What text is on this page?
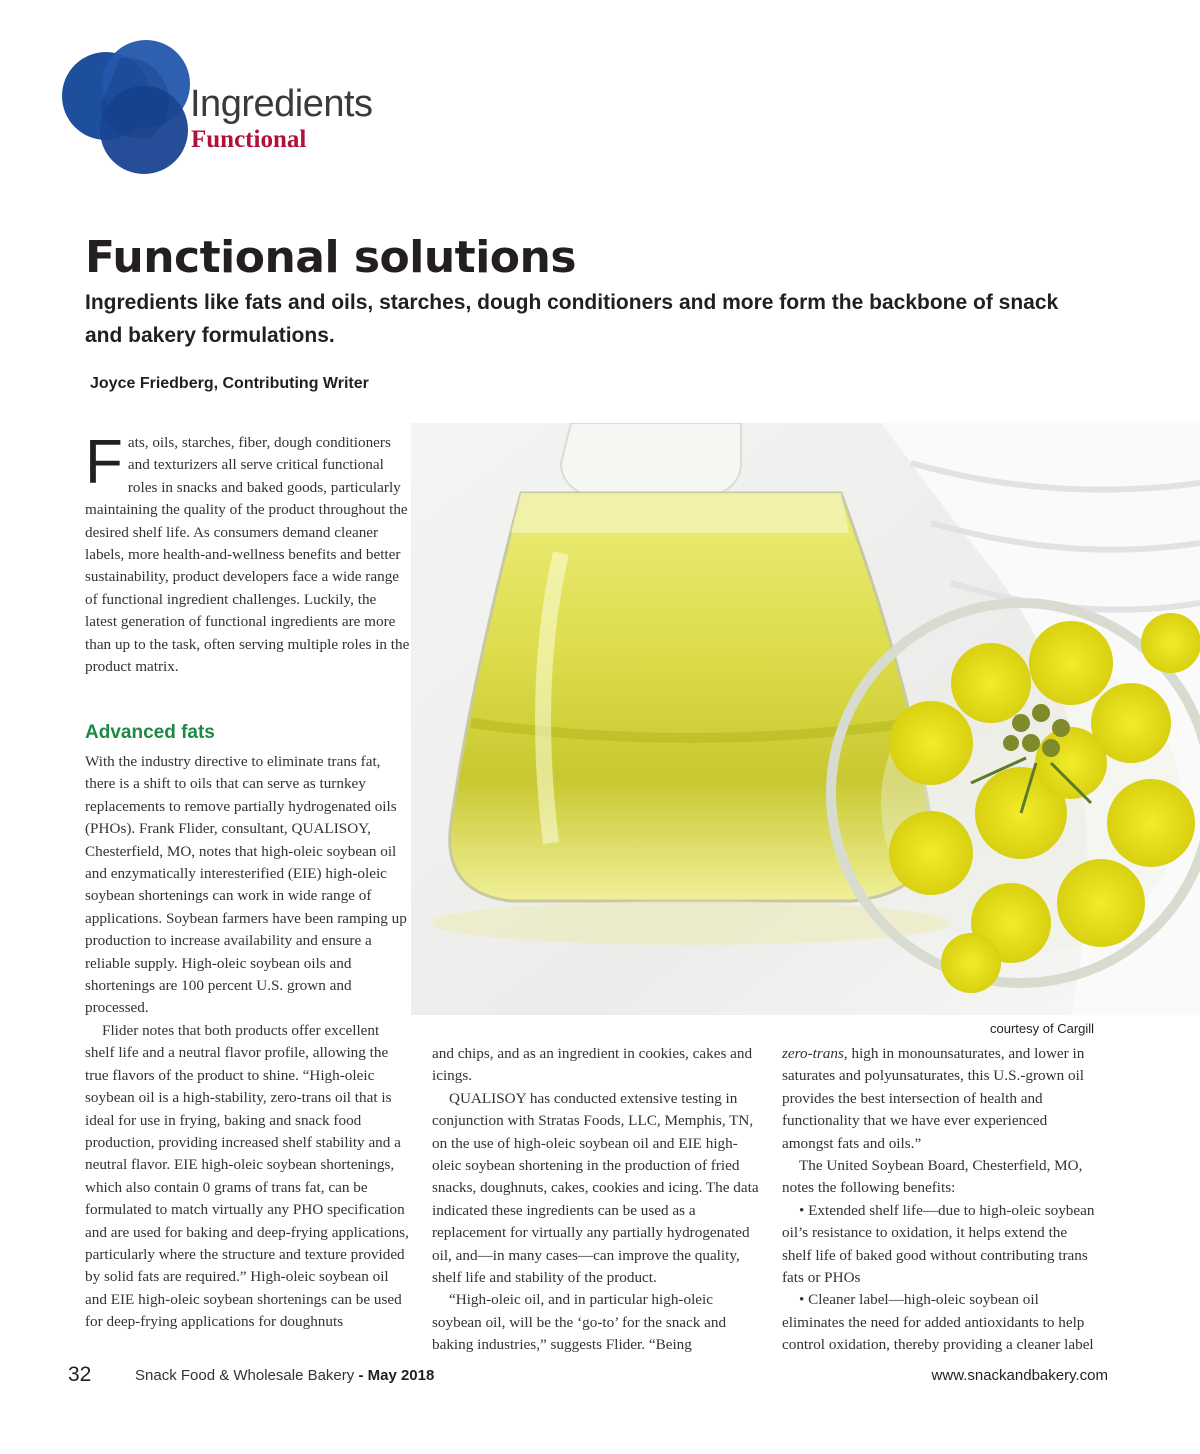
Ingredients
Functional
Functional solutions
Ingredients like fats and oils, starches, dough conditioners and more form the backbone of snack and bakery formulations.
Joyce Friedberg, Contributing Writer
Fats, oils, starches, fiber, dough conditioners and texturizers all serve critical functional roles in snacks and baked goods, particularly maintaining the quality of the product throughout the desired shelf life. As consumers demand cleaner labels, more health-and-wellness benefits and better sustainability, product developers face a wide range of functional ingredient challenges. Luckily, the latest generation of functional ingredients are more than up to the task, often serving multiple roles in the product matrix.
Advanced fats

With the industry directive to eliminate trans fat, there is a shift to oils that can serve as turnkey replacements to remove partially hydrogenated oils (PHOs). Frank Flider, consultant, QUALISOY, Chesterfield, MO, notes that high-oleic soybean oil and enzymatically interesterified (EIE) high-oleic soybean shortenings can work in wide range of applications. Soybean farmers have been ramping up production to increase availability and ensure a reliable supply. High-oleic soybean oils and shortenings are 100 percent U.S. grown and processed.

Flider notes that both products offer excellent shelf life and a neutral flavor profile, allowing the true flavors of the product to shine. “High-oleic soybean oil is a high-stability, zero-trans oil that is ideal for use in frying, baking and snack food production, providing increased shelf stability and a neutral flavor. EIE high-oleic soybean shortenings, which also contain 0 grams of trans fat, can be formulated to match virtually any PHO specification and are used for baking and deep-frying applications, particularly where the structure and texture provided by solid fats are required.” High-oleic soybean oil and EIE high-oleic soybean shortenings can be used for deep-frying applications for doughnuts

courtesy of Cargill

and chips, and as an ingredient in cookies, cakes and icings.

QUALISOY has conducted extensive testing in conjunction with Stratas Foods, LLC, Memphis, TN, on the use of high-oleic soybean oil and EIE high-oleic soybean shortening in the production of fried snacks, doughnuts, cakes, cookies and icing. The data indicated these ingredients can be used as a replacement for virtually any partially hydrogenated oil, and—in many cases—can improve the quality, shelf life and stability of the product.

“High-oleic oil, and in particular high-oleic soybean oil, will be the ‘go-to’ for the snack and baking industries,” suggests Flider. “Being

zero-trans, high in monounsaturates, and lower in saturates and polyunsaturates, this U.S.-grown oil provides the best intersection of health and functionality that we have ever experienced amongst fats and oils.”

The United Soybean Board, Chesterfield, MO, notes the following benefits:

• Extended shelf life—due to high-oleic soybean oil’s resistance to oxidation, it helps extend the shelf life of baked good without contributing trans fats or PHOs

• Cleaner label—high-oleic soybean oil eliminates the need for added antioxidants to help control oxidation, thereby providing a cleaner label

32	Snack Food & Wholesale Bakery - May 2018	www.snackandbakery.com
